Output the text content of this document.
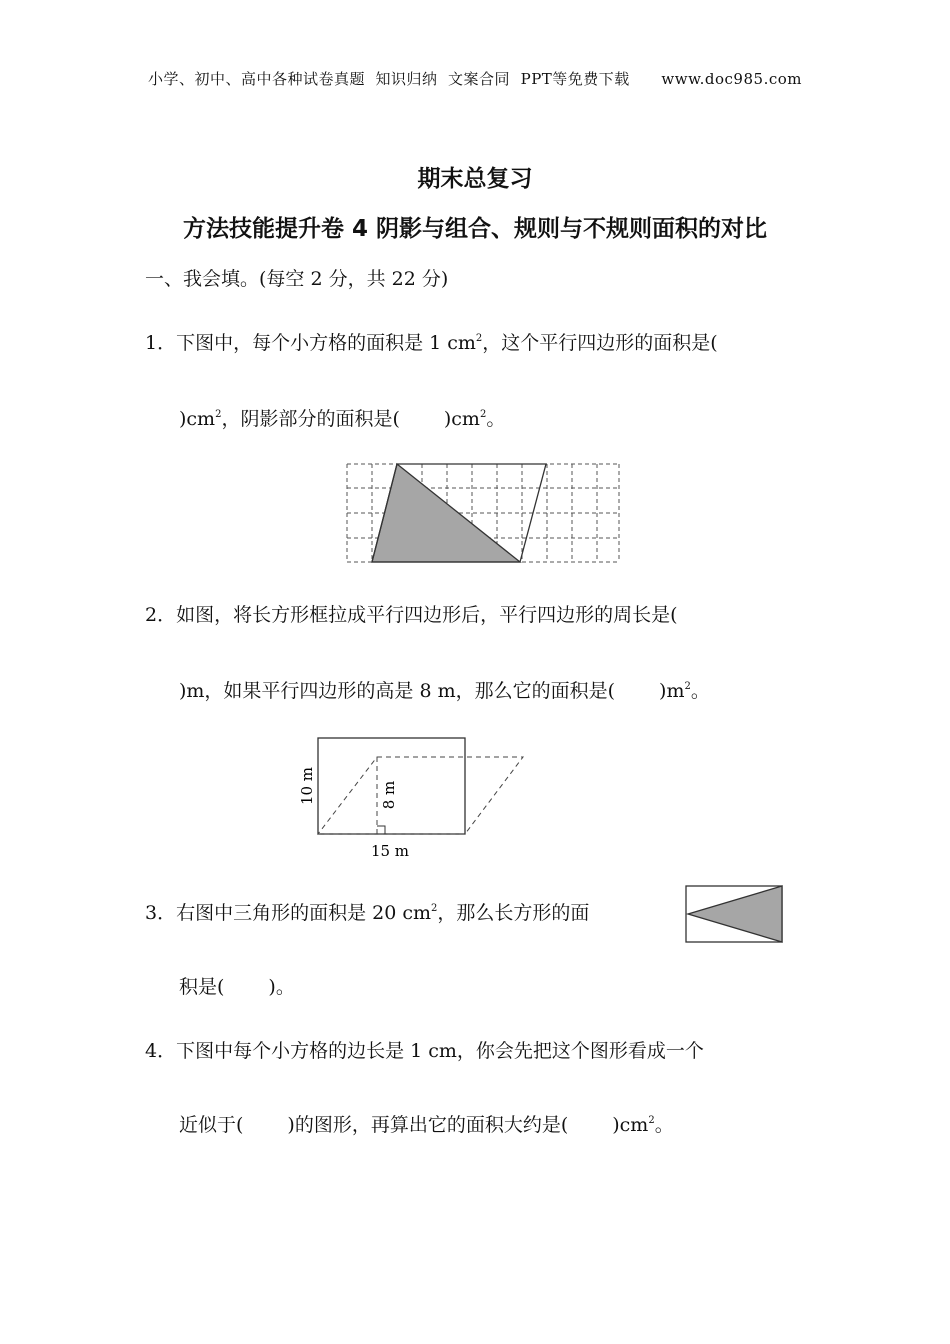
小学、初中、高中各种试卷真题  知识归纳  文案合同  PPT等免费下载      www.doc985.com
期末总复习
方法技能提升卷 4 阴影与组合、规则与不规则面积的对比
一、我会填。(每空 2 分，共 22 分)
1．下图中，每个小方格的面积是 1 $cm^2$，这个平行四边形的面积是(
)$cm^2$，阴影部分的面积是( )$cm^2$。
2．如图，将长方形框拉成平行四边形后，平行四边形的周长是(
)m，如果平行四边形的高是 8 m，那么它的面积是( )$m^2$。
10 m	8 m
15 m
3．右图中三角形的面积是 20 $cm^2$，那么长方形的面
积是( )。
4．下图中每个小方格的边长是 1 cm，你会先把这个图形看成一个
近似于( )的图形，再算出它的面积大约是( )$cm^2$。
